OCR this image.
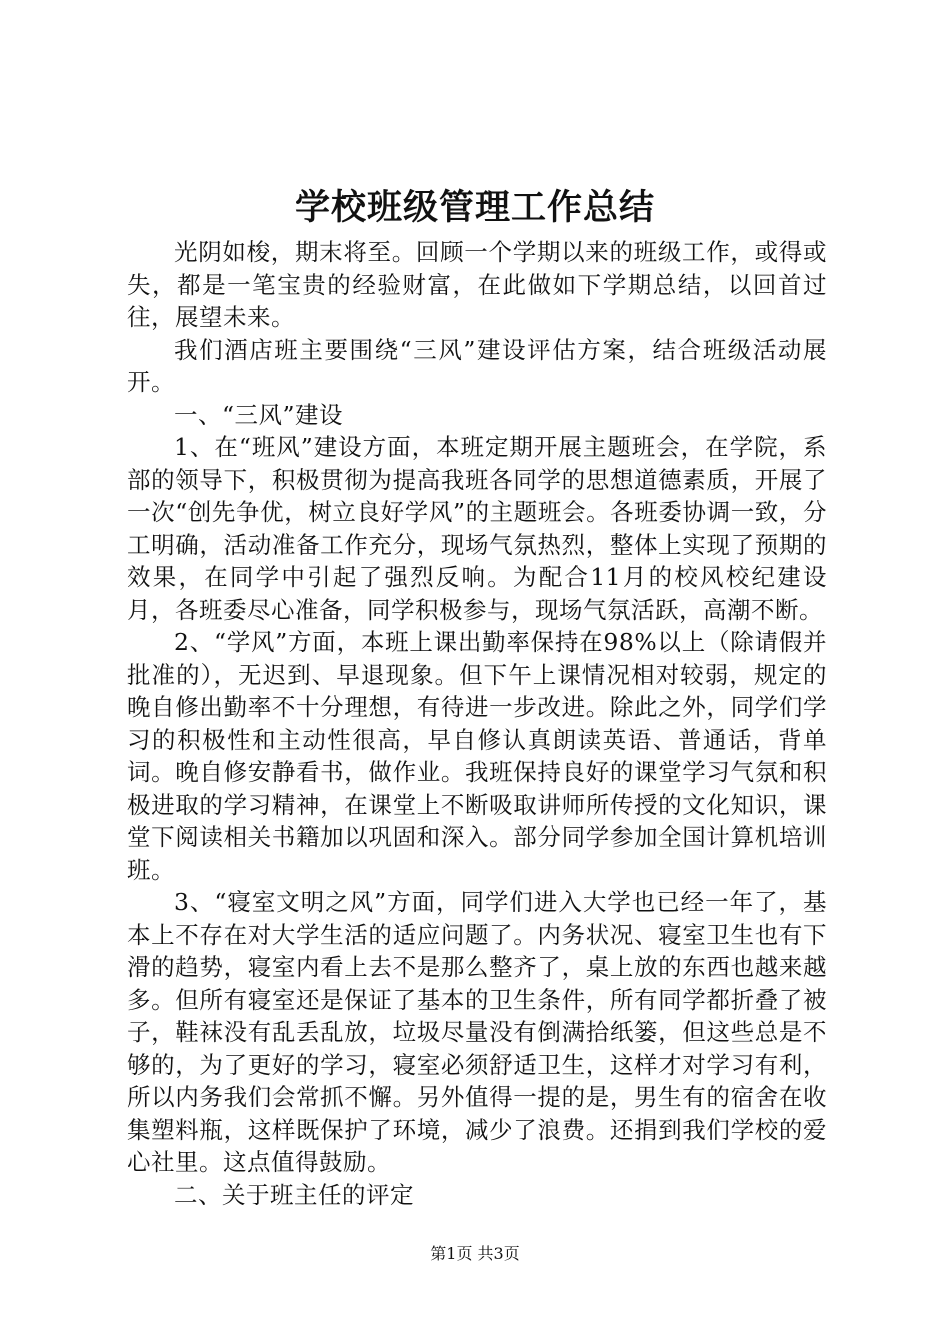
学校班级管理工作总结

光阴如梭，期末将至。回顾一个学期以来的班级工作，或得或失，都是一笔宝贵的经验财富，在此做如下学期总结，以回首过往，展望未来。

我们酒店班主要围绕“三风”建设评估方案，结合班级活动展开。

一、“三风”建设

1、在“班风”建设方面，本班定期开展主题班会，在学院，系部的领导下，积极贯彻为提高我班各同学的思想道德素质，开展了一次“创先争优，树立良好学风”的主题班会。各班委协调一致，分工明确，活动准备工作充分，现场气氛热烈，整体上实现了预期的效果，在同学中引起了强烈反响。为配合11月的校风校纪建设月，各班委尽心准备，同学积极参与，现场气氛活跃，高潮不断。

2、“学风”方面，本班上课出勤率保持在98%以上（除请假并批准的），无迟到、早退现象。但下午上课情况相对较弱，规定的晚自修出勤率不十分理想，有待进一步改进。除此之外，同学们学习的积极性和主动性很高，早自修认真朗读英语、普通话，背单词。晚自修安静看书，做作业。我班保持良好的课堂学习气氛和积极进取的学习精神，在课堂上不断吸取讲师所传授的文化知识，课堂下阅读相关书籍加以巩固和深入。部分同学参加全国计算机培训班。

3、“寝室文明之风”方面，同学们进入大学也已经一年了，基本上不存在对大学生活的适应问题了。内务状况、寝室卫生也有下滑的趋势，寝室内看上去不是那么整齐了，桌上放的东西也越来越多。但所有寝室还是保证了基本的卫生条件，所有同学都折叠了被子，鞋袜没有乱丢乱放，垃圾尽量没有倒满拾纸篓，但这些总是不够的，为了更好的学习，寝室必须舒适卫生，这样才对学习有利，所以内务我们会常抓不懈。另外值得一提的是，男生有的宿舍在收集塑料瓶，这样既保护了环境，减少了浪费。还捐到我们学校的爱心社里。这点值得鼓励。

二、关于班主任的评定

第1页 共3页
